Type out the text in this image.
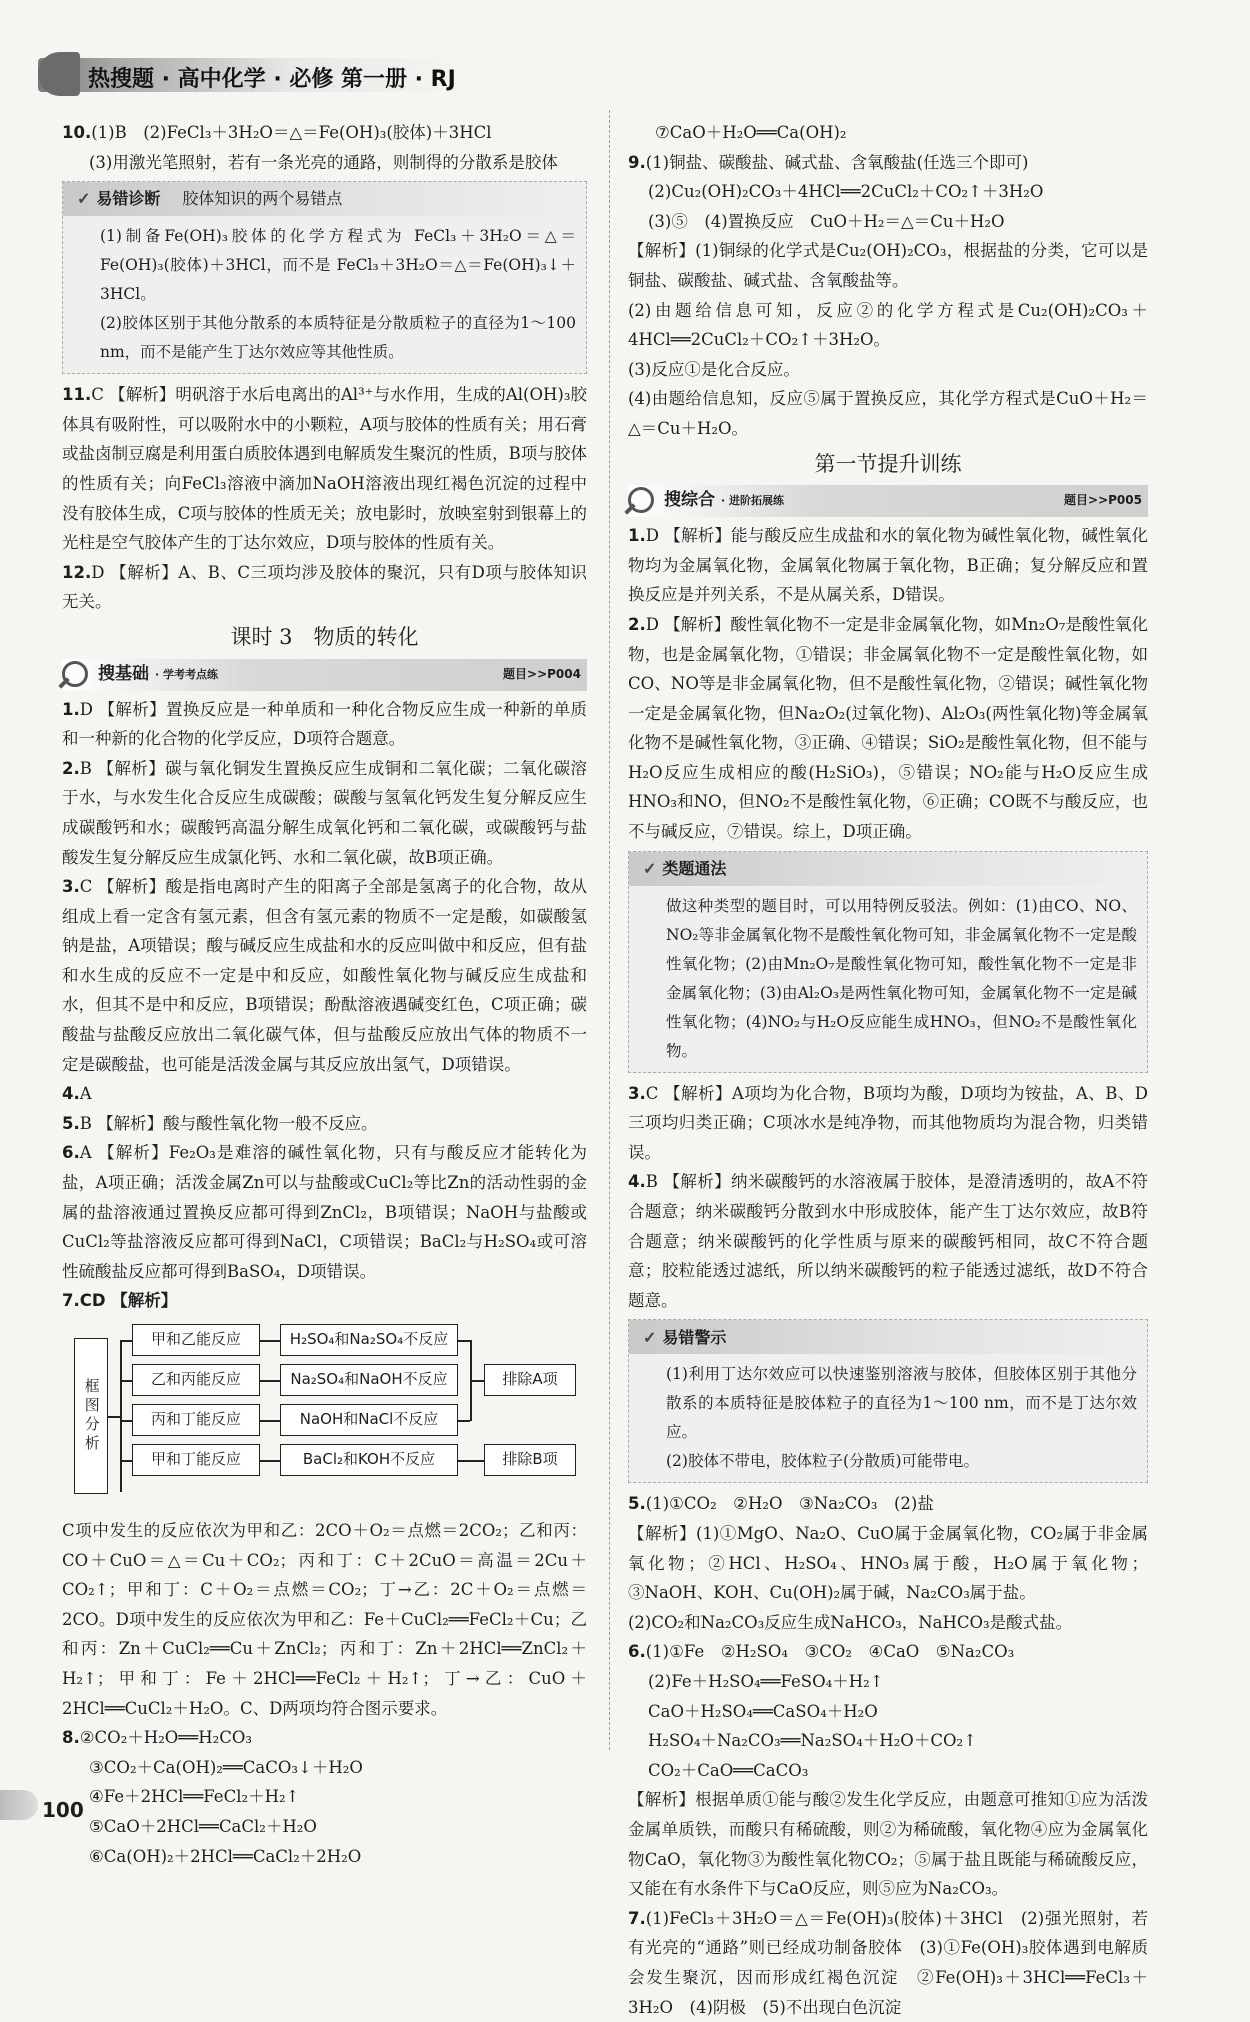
热搜题 · 高中化学 · 必修 第一册 · RJ

10.(1)B　(2)FeCl₃＋3H₂O＝△＝Fe(OH)₃(胶体)＋3HCl

(3)用激光笔照射，若有一条光亮的通路，则制得的分散系是胶体

✓ 易错诊断 胶体知识的两个易错点

(1)制备Fe(OH)₃胶体的化学方程式为 FeCl₃＋3H₂O＝△＝Fe(OH)₃(胶体)＋3HCl，而不是 FeCl₃＋3H₂O＝△＝Fe(OH)₃↓＋3HCl。

(2)胶体区别于其他分散系的本质特征是分散质粒子的直径为1～100 nm，而不是能产生丁达尔效应等其他性质。

11.C 【解析】明矾溶于水后电离出的Al³⁺与水作用，生成的Al(OH)₃胶体具有吸附性，可以吸附水中的小颗粒，A项与胶体的性质有关；用石膏或盐卤制豆腐是利用蛋白质胶体遇到电解质发生聚沉的性质，B项与胶体的性质有关；向FeCl₃溶液中滴加NaOH溶液出现红褐色沉淀的过程中没有胶体生成，C项与胶体的性质无关；放电影时，放映室射到银幕上的光柱是空气胶体产生的丁达尔效应，D项与胶体的性质有关。

12.D 【解析】A、B、C三项均涉及胶体的聚沉，只有D项与胶体知识无关。

课时 3　物质的转化
搜基础 · 学考考点练	题目>>P004

1.D 【解析】置换反应是一种单质和一种化合物反应生成一种新的单质和一种新的化合物的化学反应，D项符合题意。

2.B 【解析】碳与氧化铜发生置换反应生成铜和二氧化碳；二氧化碳溶于水，与水发生化合反应生成碳酸；碳酸与氢氧化钙发生复分解反应生成碳酸钙和水；碳酸钙高温分解生成氧化钙和二氧化碳，或碳酸钙与盐酸发生复分解反应生成氯化钙、水和二氧化碳，故B项正确。

3.C 【解析】酸是指电离时产生的阳离子全部是氢离子的化合物，故从组成上看一定含有氢元素，但含有氢元素的物质不一定是酸，如碳酸氢钠是盐，A项错误；酸与碱反应生成盐和水的反应叫做中和反应，但有盐和水生成的反应不一定是中和反应，如酸性氧化物与碱反应生成盐和水，但其不是中和反应，B项错误；酚酞溶液遇碱变红色，C项正确；碳酸盐与盐酸反应放出二氧化碳气体，但与盐酸反应放出气体的物质不一定是碳酸盐，也可能是活泼金属与其反应放出氢气，D项错误。

4.A

5.B 【解析】酸与酸性氧化物一般不反应。

6.A 【解析】Fe₂O₃是难溶的碱性氧化物，只有与酸反应才能转化为盐，A项正确；活泼金属Zn可以与盐酸或CuCl₂等比Zn的活动性弱的金属的盐溶液通过置换反应都可得到ZnCl₂，B项错误；NaOH与盐酸或CuCl₂等盐溶液反应都可得到NaCl，C项错误；BaCl₂与H₂SO₄或可溶性硫酸盐反应都可得到BaSO₄，D项错误。

7.CD 【解析】

框图分析
甲和乙能反应	H₂SO₄和Na₂SO₄不反应
乙和丙能反应	Na₂SO₄和NaOH不反应
丙和丁能反应	NaOH和NaCl不反应
甲和丁能反应	BaCl₂和KOH不反应
排除A项
排除B项

C项中发生的反应依次为甲和乙：2CO＋O₂＝点燃＝2CO₂；乙和丙：CO＋CuO＝△＝Cu＋CO₂；丙和丁：C＋2CuO＝高温＝2Cu＋CO₂↑；甲和丁：C＋O₂＝点燃＝CO₂；丁→乙：2C＋O₂＝点燃＝2CO。D项中发生的反应依次为甲和乙：Fe＋CuCl₂══FeCl₂＋Cu；乙和丙：Zn＋CuCl₂══Cu＋ZnCl₂；丙和丁：Zn＋2HCl══ZnCl₂＋H₂↑；甲和丁：Fe＋2HCl══FeCl₂＋H₂↑；丁→乙：CuO＋2HCl══CuCl₂＋H₂O。C、D两项均符合图示要求。

8.②CO₂＋H₂O══H₂CO₃

③CO₂＋Ca(OH)₂══CaCO₃↓＋H₂O

④Fe＋2HCl══FeCl₂＋H₂↑

⑤CaO＋2HCl══CaCl₂＋H₂O

⑥Ca(OH)₂＋2HCl══CaCl₂＋2H₂O

⑦CaO＋H₂O══Ca(OH)₂

9.(1)铜盐、碳酸盐、碱式盐、含氧酸盐(任选三个即可)

(2)Cu₂(OH)₂CO₃＋4HCl══2CuCl₂＋CO₂↑＋3H₂O

(3)⑤　(4)置换反应　CuO＋H₂＝△＝Cu＋H₂O

【解析】(1)铜绿的化学式是Cu₂(OH)₂CO₃，根据盐的分类，它可以是铜盐、碳酸盐、碱式盐、含氧酸盐等。

(2)由题给信息可知，反应②的化学方程式是Cu₂(OH)₂CO₃＋4HCl══2CuCl₂＋CO₂↑＋3H₂O。

(3)反应①是化合反应。

(4)由题给信息知，反应⑤属于置换反应，其化学方程式是CuO＋H₂＝△＝Cu＋H₂O。

第一节提升训练
搜综合 · 进阶拓展练	题目>>P005

1.D 【解析】能与酸反应生成盐和水的氧化物为碱性氧化物，碱性氧化物均为金属氧化物，金属氧化物属于氧化物，B正确；复分解反应和置换反应是并列关系，不是从属关系，D错误。

2.D 【解析】酸性氧化物不一定是非金属氧化物，如Mn₂O₇是酸性氧化物，也是金属氧化物，①错误；非金属氧化物不一定是酸性氧化物，如CO、NO等是非金属氧化物，但不是酸性氧化物，②错误；碱性氧化物一定是金属氧化物，但Na₂O₂(过氧化物)、Al₂O₃(两性氧化物)等金属氧化物不是碱性氧化物，③正确、④错误；SiO₂是酸性氧化物，但不能与H₂O反应生成相应的酸(H₂SiO₃)，⑤错误；NO₂能与H₂O反应生成HNO₃和NO，但NO₂不是酸性氧化物，⑥正确；CO既不与酸反应，也不与碱反应，⑦错误。综上，D项正确。

✓ 类题通法

做这种类型的题目时，可以用特例反驳法。例如：(1)由CO、NO、NO₂等非金属氧化物不是酸性氧化物可知，非金属氧化物不一定是酸性氧化物；(2)由Mn₂O₇是酸性氧化物可知，酸性氧化物不一定是非金属氧化物；(3)由Al₂O₃是两性氧化物可知，金属氧化物不一定是碱性氧化物；(4)NO₂与H₂O反应能生成HNO₃，但NO₂不是酸性氧化物。

3.C 【解析】A项均为化合物，B项均为酸，D项均为铵盐，A、B、D三项均归类正确；C项冰水是纯净物，而其他物质均为混合物，归类错误。

4.B 【解析】纳米碳酸钙的水溶液属于胶体，是澄清透明的，故A不符合题意；纳米碳酸钙分散到水中形成胶体，能产生丁达尔效应，故B符合题意；纳米碳酸钙的化学性质与原来的碳酸钙相同，故C不符合题意；胶粒能透过滤纸，所以纳米碳酸钙的粒子能透过滤纸，故D不符合题意。

✓ 易错警示

(1)利用丁达尔效应可以快速鉴别溶液与胶体，但胶体区别于其他分散系的本质特征是胶体粒子的直径为1～100 nm，而不是丁达尔效应。

(2)胶体不带电，胶体粒子(分散质)可能带电。

5.(1)①CO₂　②H₂O　③Na₂CO₃　(2)盐

【解析】(1)①MgO、Na₂O、CuO属于金属氧化物，CO₂属于非金属氧化物；②HCl、H₂SO₄、HNO₃属于酸，H₂O属于氧化物；③NaOH、KOH、Cu(OH)₂属于碱，Na₂CO₃属于盐。

(2)CO₂和Na₂CO₃反应生成NaHCO₃，NaHCO₃是酸式盐。

6.(1)①Fe　②H₂SO₄　③CO₂　④CaO　⑤Na₂CO₃

(2)Fe＋H₂SO₄══FeSO₄＋H₂↑

CaO＋H₂SO₄══CaSO₄＋H₂O

H₂SO₄＋Na₂CO₃══Na₂SO₄＋H₂O＋CO₂↑

CO₂＋CaO══CaCO₃

【解析】根据单质①能与酸②发生化学反应，由题意可推知①应为活泼金属单质铁，而酸只有稀硫酸，则②为稀硫酸，氧化物④应为金属氧化物CaO，氧化物③为酸性氧化物CO₂；⑤属于盐且既能与稀硫酸反应，又能在有水条件下与CaO反应，则⑤应为Na₂CO₃。

7.(1)FeCl₃＋3H₂O＝△＝Fe(OH)₃(胶体)＋3HCl　(2)强光照射，若有光亮的“通路”则已经成功制备胶体　(3)①Fe(OH)₃胶体遇到电解质会发生聚沉，因而形成红褐色沉淀　②Fe(OH)₃＋3HCl══FeCl₃＋3H₂O　(4)阴极　(5)不出现白色沉淀

100
